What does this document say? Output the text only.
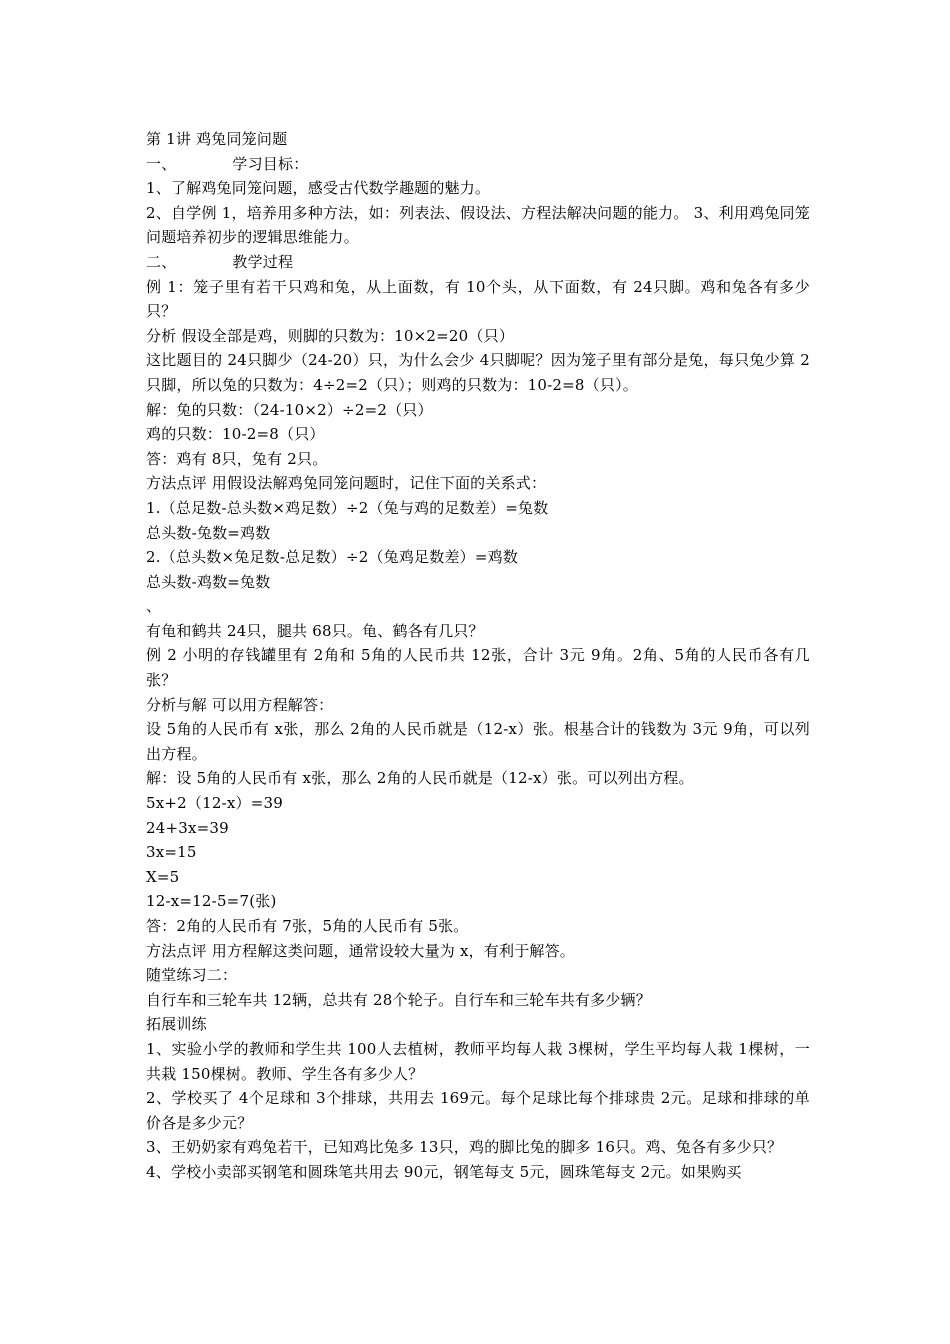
第 1讲 鸡兔同笼问题
一、	学习目标：
1、了解鸡兔同笼问题，感受古代数学趣题的魅力。
2、自学例 1，培养用多种方法，如：列表法、假设法、方程法解决问题的能力。 3、利用鸡兔同笼问题培养初步的逻辑思维能力。
二、	教学过程
例 1：笼子里有若干只鸡和兔，从上面数，有 10个头，从下面数，有 24只脚。鸡和兔各有多少只？
分析 假设全部是鸡，则脚的只数为：10×2=20（只）
这比题目的 24只脚少（24-20）只，为什么会少 4只脚呢？因为笼子里有部分是兔，每只兔少算 2只脚，所以兔的只数为：4÷2=2（只）；则鸡的只数为：10-2=8（只）。
解：兔的只数：（24-10×2）÷2=2（只）
鸡的只数：10-2=8（只）
答：鸡有 8只，兔有 2只。
方法点评 用假设法解鸡兔同笼问题时，记住下面的关系式：
1.（总足数-总头数×鸡足数）÷2（兔与鸡的足数差）=兔数
总头数-兔数=鸡数
2.（总头数×兔足数-总足数）÷2（兔鸡足数差）=鸡数
总头数-鸡数=兔数
、
有龟和鹤共 24只，腿共 68只。龟、鹤各有几只？
例 2 小明的存钱罐里有 2角和 5角的人民币共 12张，合计 3元 9角。2角、5角的人民币各有几张？
分析与解 可以用方程解答：
设 5角的人民币有 x张，那么 2角的人民币就是（12-x）张。根基合计的钱数为 3元 9角，可以列出方程。
解：设 5角的人民币有 x张，那么 2角的人民币就是（12-x）张。可以列出方程。
5x+2（12-x）=39
24+3x=39
3x=15
X=5
12-x=12-5=7(张)
答：2角的人民币有 7张，5角的人民币有 5张。
方法点评 用方程解这类问题，通常设较大量为 x，有利于解答。
随堂练习二：
自行车和三轮车共 12辆，总共有 28个轮子。自行车和三轮车共有多少辆？
拓展训练
1、实验小学的教师和学生共 100人去植树，教师平均每人栽 3棵树，学生平均每人栽 1棵树，一共栽 150棵树。教师、学生各有多少人？
2、学校买了 4个足球和 3个排球，共用去 169元。每个足球比每个排球贵 2元。足球和排球的单价各是多少元？
3、王奶奶家有鸡兔若干，已知鸡比兔多 13只，鸡的脚比兔的脚多 16只。鸡、兔各有多少只？
4、学校小卖部买钢笔和圆珠笔共用去 90元，钢笔每支 5元，圆珠笔每支 2元。如果购买
